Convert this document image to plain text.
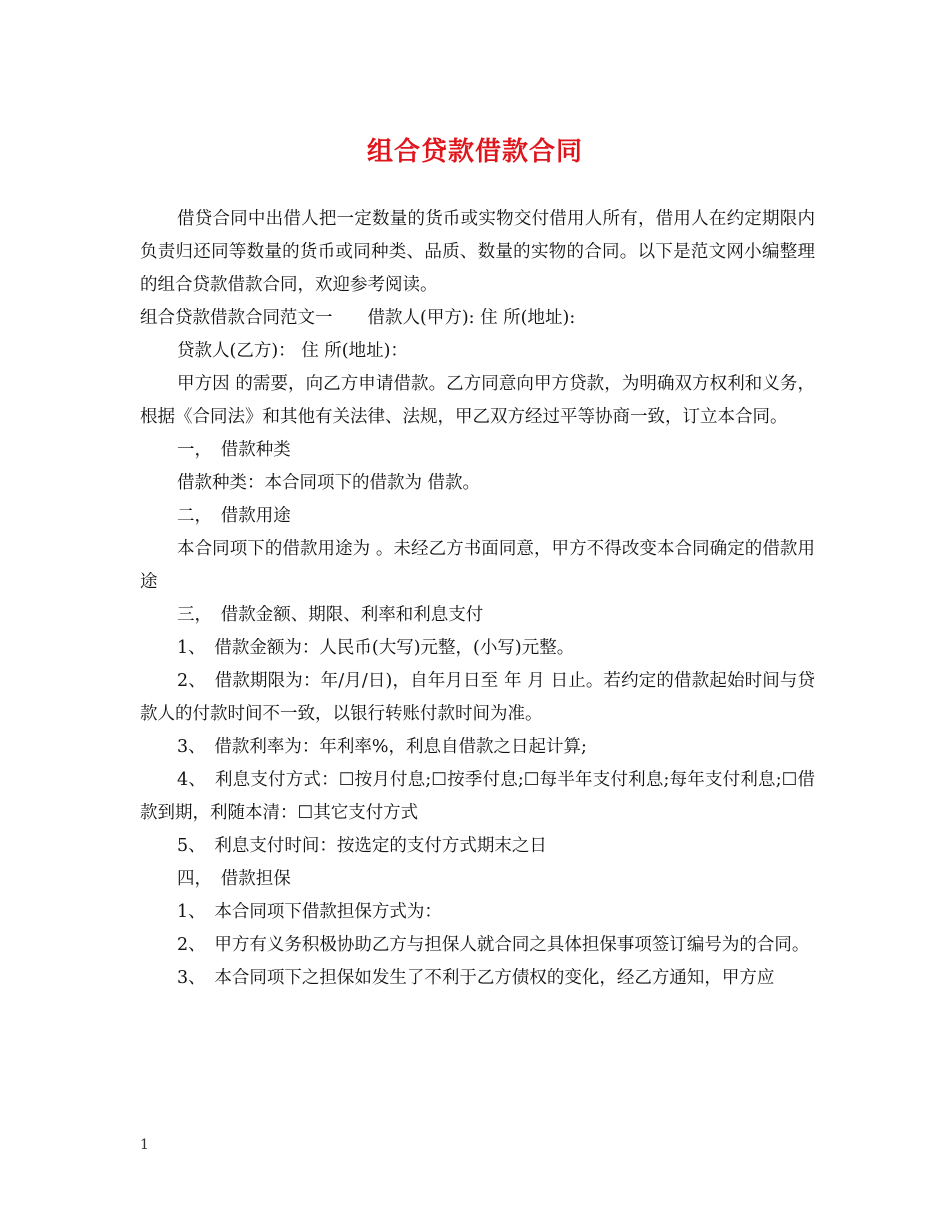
组合贷款借款合同

借贷合同中出借人把一定数量的货币或实物交付借用人所有，借用人在约定期限内负责归还同等数量的货币或同种类、品质、数量的实物的合同。以下是范文网小编整理的组合贷款借款合同，欢迎参考阅读。

组合贷款借款合同范文一　　借款人(甲方): 住 所(地址):

贷款人(乙方)： 住 所(地址)：

甲方因 的需要，向乙方申请借款。乙方同意向甲方贷款，为明确双方权利和义务，根据《合同法》和其他有关法律、法规，甲乙双方经过平等协商一致，订立本合同。

一，　借款种类

借款种类：本合同项下的借款为 借款。

二，　借款用途

本合同项下的借款用途为 。未经乙方书面同意，甲方不得改变本合同确定的借款用途

三，　借款金额、期限、利率和利息支付

1、　借款金额为：人民币(大写)元整，(小写)元整。

2、　借款期限为：年/月/日)，自年月日至 年 月 日止。若约定的借款起始时间与贷款人的付款时间不一致，以银行转账付款时间为准。

3、　借款利率为：年利率%，利息自借款之日起计算;

4、　利息支付方式：☐按月付息;☐按季付息;☐每半年支付利息;每年支付利息;☐借款到期，利随本清：☐其它支付方式

5、　利息支付时间：按选定的支付方式期末之日

四，　借款担保

1、　本合同项下借款担保方式为：

2、　甲方有义务积极协助乙方与担保人就合同之具体担保事项签订编号为的合同。

3、　本合同项下之担保如发生了不利于乙方债权的变化，经乙方通知，甲方应

1
